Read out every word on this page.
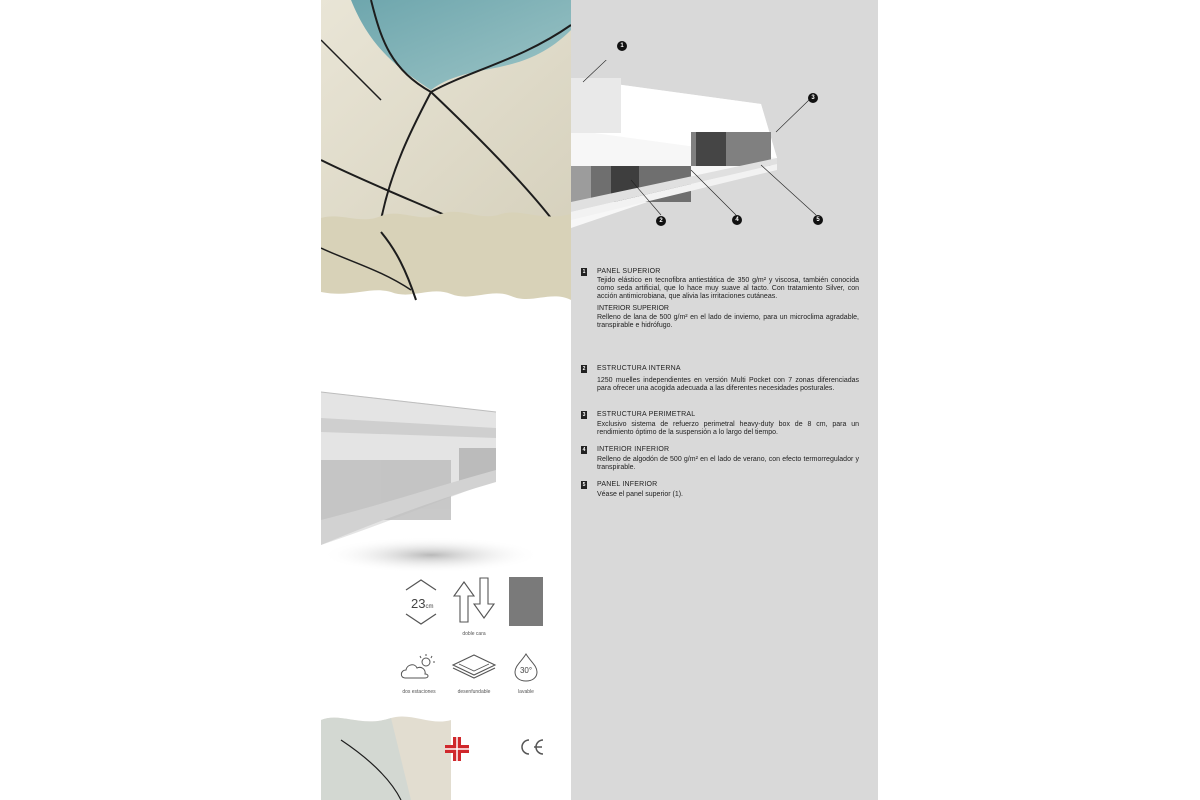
23cm
doble cara
dos estaciones	desenfundable
30°
lavable
1
3
2	4	5
1 PANEL SUPERIOR
Tejido elástico en tecnofibra antiestática de 350 g/m² y viscosa, también conocida como seda artificial, que lo hace muy suave al tacto. Con tratamiento Silver, con acción antimicrobiana, que alivia las irritaciones cutáneas.
INTERIOR SUPERIOR
Relleno de lana de 500 g/m² en el lado de invierno, para un microclima agradable, transpirable e hidrófugo.
2 ESTRUCTURA INTERNA
1250 muelles independientes en versión Multi Pocket con 7 zonas diferenciadas para ofrecer una acogida adecuada a las diferentes necesidades posturales.
3 ESTRUCTURA PERIMETRAL
Exclusivo sistema de refuerzo perimetral heavy-duty box de 8 cm, para un rendimiento óptimo de la suspensión a lo largo del tiempo.
4 INTERIOR INFERIOR
Relleno de algodón de 500 g/m² en el lado de verano, con efecto termorregulador y transpirable.
5 PANEL INFERIOR
Véase el panel superior (1).
